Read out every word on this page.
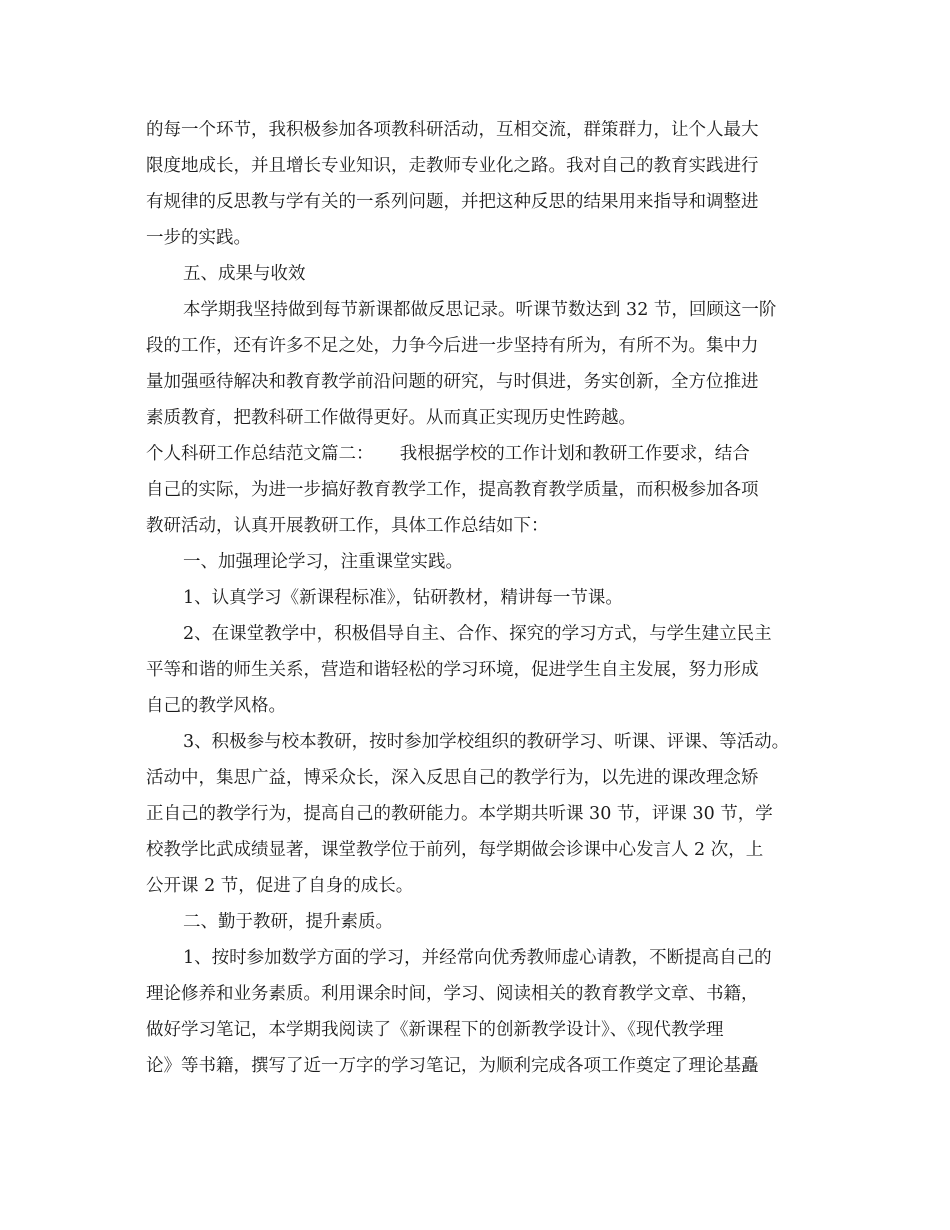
的每一个环节，我积极参加各项教科研活动，互相交流，群策群力，让个人最大
限度地成长，并且增长专业知识，走教师专业化之路。我对自己的教育实践进行
有规律的反思教与学有关的一系列问题，并把这种反思的结果用来指导和调整进
一步的实践。
五、成果与收效
本学期我坚持做到每节新课都做反思记录。听课节数达到 32 节，回顾这一阶
段的工作，还有许多不足之处，力争今后进一步坚持有所为，有所不为。集中力
量加强亟待解决和教育教学前沿问题的研究，与时俱进，务实创新，全方位推进
素质教育，把教科研工作做得更好。从而真正实现历史性跨越。
个人科研工作总结范文篇二：　　我根据学校的工作计划和教研工作要求，结合
自己的实际，为进一步搞好教育教学工作，提高教育教学质量，而积极参加各项
教研活动，认真开展教研工作，具体工作总结如下：
一、加强理论学习，注重课堂实践。
1、认真学习《新课程标准》，钻研教材，精讲每一节课。
2、在课堂教学中，积极倡导自主、合作、探究的学习方式，与学生建立民主
平等和谐的师生关系，营造和谐轻松的学习环境，促进学生自主发展，努力形成
自己的教学风格。
3、积极参与校本教研，按时参加学校组织的教研学习、听课、评课、等活动。
活动中，集思广益，博采众长，深入反思自己的教学行为，以先进的课改理念矫
正自己的教学行为，提高自己的教研能力。本学期共听课 30 节，评课 30 节，学
校教学比武成绩显著，课堂教学位于前列，每学期做会诊课中心发言人 2 次，上
公开课 2 节，促进了自身的成长。
二、勤于教研，提升素质。
1、按时参加数学方面的学习，并经常向优秀教师虚心请教，不断提高自己的
理论修养和业务素质。利用课余时间，学习、阅读相关的教育教学文章、书籍，
做好学习笔记，本学期我阅读了《新课程下的创新教学设计》、《现代教学理
论》等书籍，撰写了近一万字的学习笔记，为顺利完成各项工作奠定了理论基矗
